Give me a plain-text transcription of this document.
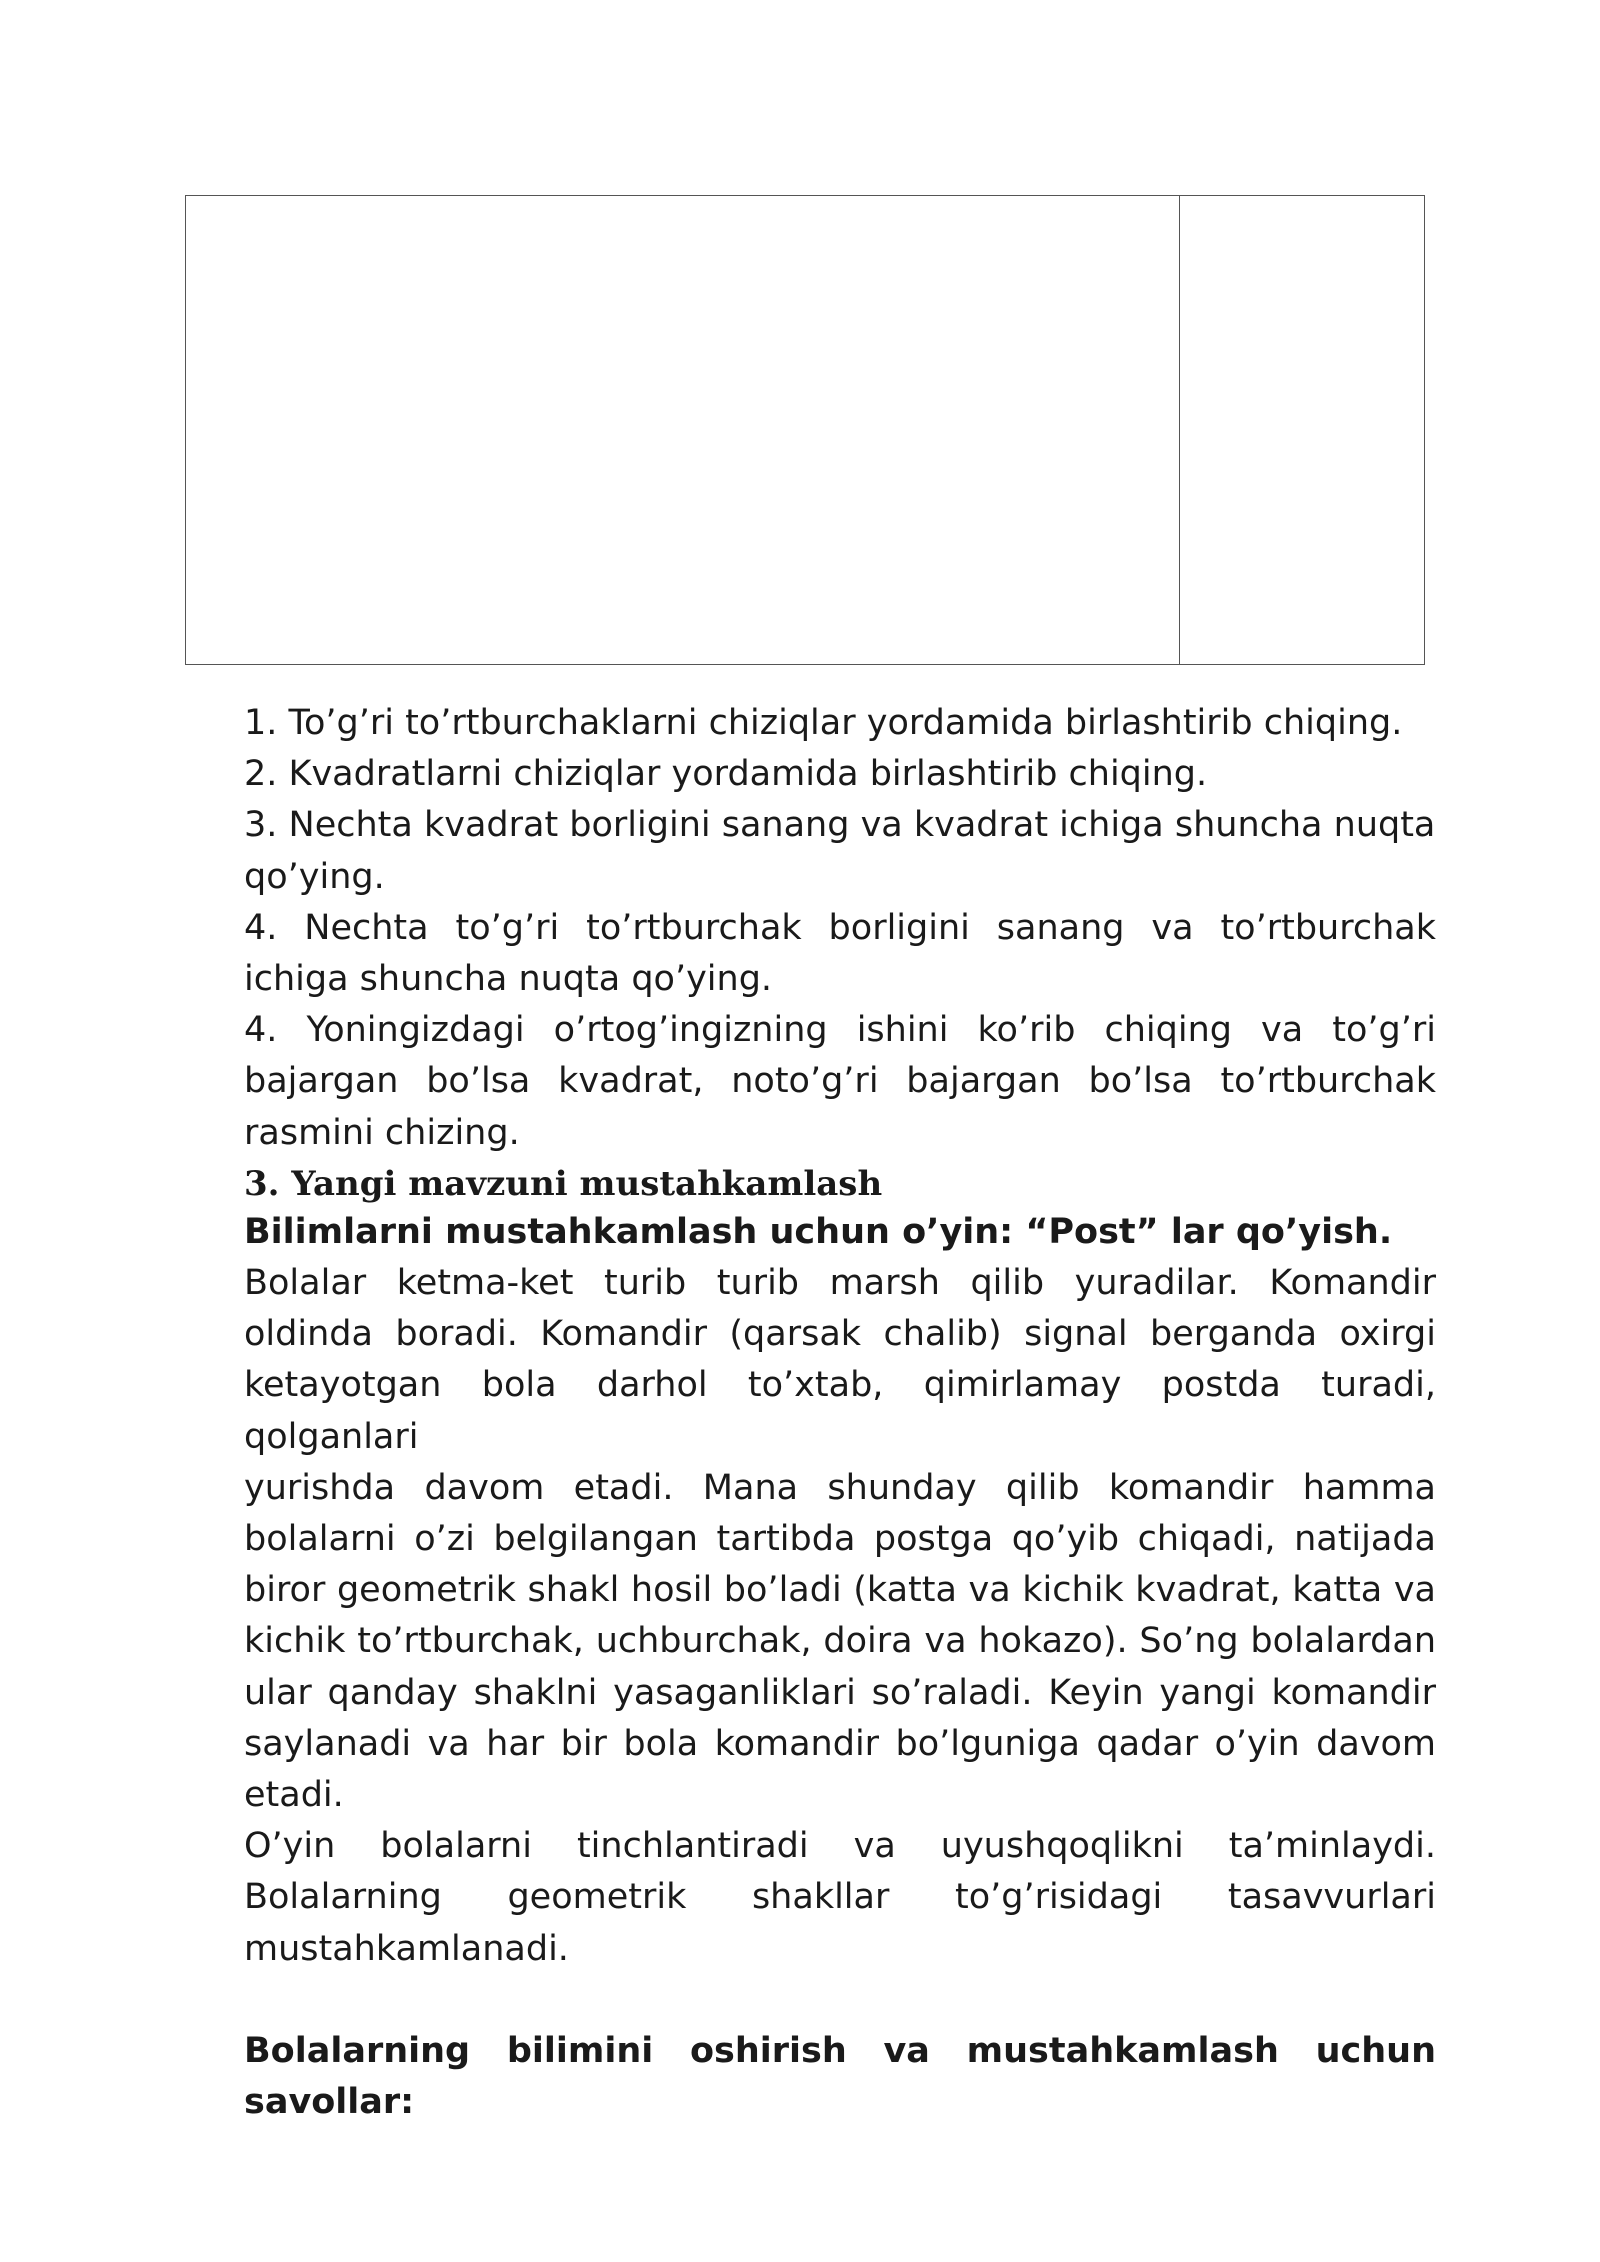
1. To’g’ri to’rtburchaklarni chiziqlar yordamida birlashtirib chiqing.
2. Kvadratlarni chiziqlar yordamida birlashtirib chiqing.
3. Nechta kvadrat borligini sanang va kvadrat ichiga shuncha nuqta
qo’ying.
4. Nechta to’g’ri to’rtburchak borligini sanang va to’rtburchak
ichiga shuncha nuqta qo’ying.
4. Yoningizdagi o’rtog’ingizning ishini ko’rib chiqing va to’g’ri
bajargan bo’lsa kvadrat, noto’g’ri bajargan bo’lsa to’rtburchak
rasmini chizing.
3. Yangi mavzuni mustahkamlash
Bilimlarni mustahkamlash uchun o’yin: “Post” lar qo’yish.
Bolalar ketma-ket turib turib marsh qilib yuradilar. Komandir
oldinda boradi. Komandir (qarsak chalib) signal berganda oxirgi
ketayotgan bola darhol to’xtab, qimirlamay postda turadi, qolganlari
yurishda davom etadi. Mana shunday qilib komandir hamma
bolalarni o’zi belgilangan tartibda postga qo’yib chiqadi, natijada
biror geometrik shakl hosil bo’ladi (katta va kichik kvadrat, katta va
kichik to’rtburchak, uchburchak, doira va hokazo). So’ng bolalardan
ular qanday shaklni yasaganliklari so’raladi. Keyin yangi komandir
saylanadi va har bir bola komandir bo’lguniga qadar o’yin davom
etadi.
O’yin bolalarni tinchlantiradi va uyushqoqlikni ta’minlaydi.
Bolalarning geometrik shakllar to’g’risidagi tasavvurlari
mustahkamlanadi.
Bolalarning bilimini oshirish va mustahkamlash uchun
savollar:
